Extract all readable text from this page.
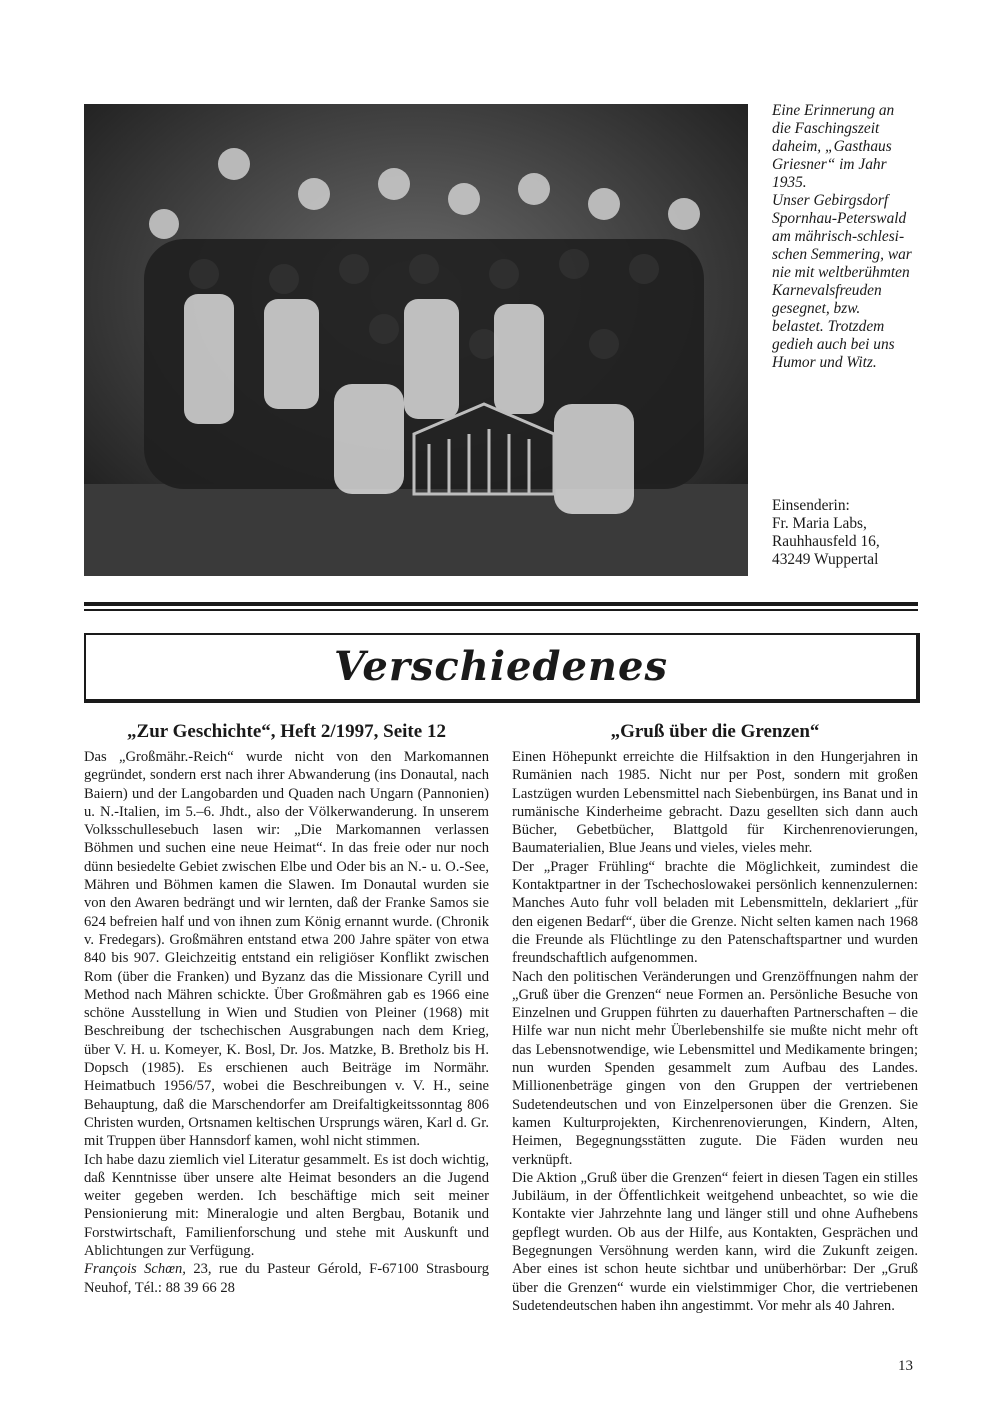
Eine Erinnerung an

die Faschingszeit

daheim, „Gasthaus

Griesner“ im Jahr

1935.

Unser Gebirgsdorf

Spornhau-Peterswald

am mährisch-schlesi-

schen Semmering, war

nie mit weltberühmten

Karnevalsfreuden

gesegnet, bzw.

belastet. Trotzdem

gedieh auch bei uns

Humor und Witz.

Einsenderin:
Fr. Maria Labs,
Rauhhausfeld 16,
43249 Wuppertal
Verschiedenes
„Zur Geschichte“, Heft 2/1997, Seite 12

Das „Großmähr.-Reich“ wurde nicht von den Markomannen gegründet, sondern erst nach ihrer Abwanderung (ins Donautal, nach Baiern) und der Langobarden und Quaden nach Ungarn (Pannonien) u. N.-Italien, im 5.–6. Jhdt., also der Völkerwanderung. In unserem Volksschullesebuch lasen wir: „Die Markomannen verlassen Böhmen und suchen eine neue Heimat“. In das freie oder nur noch dünn besiedelte Gebiet zwischen Elbe und Oder bis an N.- u. O.-See, Mähren und Böhmen kamen die Slawen. Im Donautal wurden sie von den Awaren bedrängt und wir lernten, daß der Franke Samos sie 624 befreien half und von ihnen zum König ernannt wurde. (Chronik v. Fredegars). Großmähren entstand etwa 200 Jahre später von etwa 840 bis 907. Gleichzeitig entstand ein religiöser Konflikt zwischen Rom (über die Franken) und Byzanz das die Missionare Cyrill und Method nach Mähren schickte. Über Großmähren gab es 1966 eine schöne Ausstellung in Wien und Studien von Pleiner (1968) mit Beschreibung der tschechischen Ausgrabungen nach dem Krieg, über V. H. u. Komeyer, K. Bosl, Dr. Jos. Matzke, B. Bretholz bis H. Dopsch (1985). Es erschienen auch Beiträge im Normähr. Heimatbuch 1956/57, wobei die Beschreibungen v. V. H., seine Behauptung, daß die Marschendorfer am Dreifaltigkeitssonntag 806 Christen wurden, Ortsnamen keltischen Ursprungs wären, Karl d. Gr. mit Truppen über Hannsdorf kamen, wohl nicht stimmen.

Ich habe dazu ziemlich viel Literatur gesammelt. Es ist doch wichtig, daß Kenntnisse über unsere alte Heimat besonders an die Jugend weiter gegeben werden. Ich beschäftige mich seit meiner Pensionierung mit: Mineralogie und alten Bergbau, Botanik und Forstwirtschaft, Familienforschung und stehe mit Auskunft und Ablichtungen zur Verfügung.

François Schœn, 23, rue du Pasteur Gérold, F-67100 Strasbourg Neuhof, Tél.: 88 39 66 28

„Gruß über die Grenzen“

Einen Höhepunkt erreichte die Hilfsaktion in den Hungerjahren in Rumänien nach 1985. Nicht nur per Post, sondern mit großen Lastzügen wurden Lebensmittel nach Siebenbürgen, ins Banat und in rumänische Kinderheime gebracht. Dazu gesellten sich dann auch Bücher, Gebetbücher, Blattgold für Kirchenrenovierungen, Baumaterialien, Blue Jeans und vieles, vieles mehr.

Der „Prager Frühling“ brachte die Möglichkeit, zumindest die Kontaktpartner in der Tschechoslowakei persönlich kennenzulernen: Manches Auto fuhr voll beladen mit Lebensmitteln, deklariert „für den eigenen Bedarf“, über die Grenze. Nicht selten kamen nach 1968 die Freunde als Flüchtlinge zu den Patenschaftspartner und wurden freundschaftlich aufgenommen.

Nach den politischen Veränderungen und Grenzöffnungen nahm der „Gruß über die Grenzen“ neue Formen an. Persönliche Besuche von Einzelnen und Gruppen führten zu dauerhaften Partnerschaften – die Hilfe war nun nicht mehr Überlebenshilfe sie mußte nicht mehr oft das Lebensnotwendige, wie Lebensmittel und Medikamente bringen; nun wurden Spenden gesammelt zum Aufbau des Landes. Millionenbeträge gingen von den Gruppen der vertriebenen Sudetendeutschen und von Einzelpersonen über die Grenzen. Sie kamen Kulturprojekten, Kirchenrenovierungen, Kindern, Alten, Heimen, Begegnungsstätten zugute. Die Fäden wurden neu verknüpft.

Die Aktion „Gruß über die Grenzen“ feiert in diesen Tagen ein stilles Jubiläum, in der Öffentlichkeit weitgehend unbeachtet, so wie die Kontakte vier Jahrzehnte lang und länger still und ohne Aufhebens gepflegt wurden. Ob aus der Hilfe, aus Kontakten, Gesprächen und Begegnungen Versöhnung werden kann, wird die Zukunft zeigen. Aber eines ist schon heute sichtbar und unüberhörbar: Der „Gruß über die Grenzen“ wurde ein vielstimmiger Chor, die vertriebenen Sudetendeutschen haben ihn angestimmt. Vor mehr als 40 Jahren.

13
